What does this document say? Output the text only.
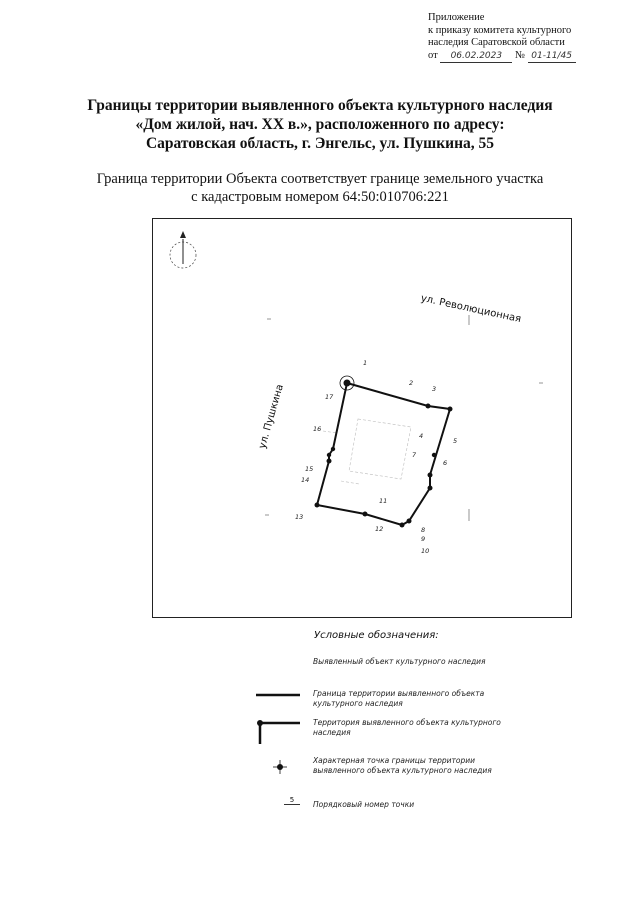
Приложение
к приказу комитета культурного
наследия Саратовской области
от 06.02.2023 № 01-11/45
Границы территории выявленного объекта культурного наследия
«Дом жилой, нач. XX в.», расположенного по адресу:
Саратовская область, г. Энгельс, ул. Пушкина, 55
Граница территории Объекта соответствует границе земельного участка
с кадастровым номером 64:50:010706:221
ул. Революционная
ул. Пушкина
1
2
3
4
5
6
7
8
9
10
11
12
13
14
15
16
17
Условные обозначения:
Выявленный объект культурного наследия
Граница территории выявленного объекта культурного наследия
Территория выявленного объекта культурного наследия
Характерная точка границы территории выявленного объекта культурного наследия
5	Порядковый номер точки
